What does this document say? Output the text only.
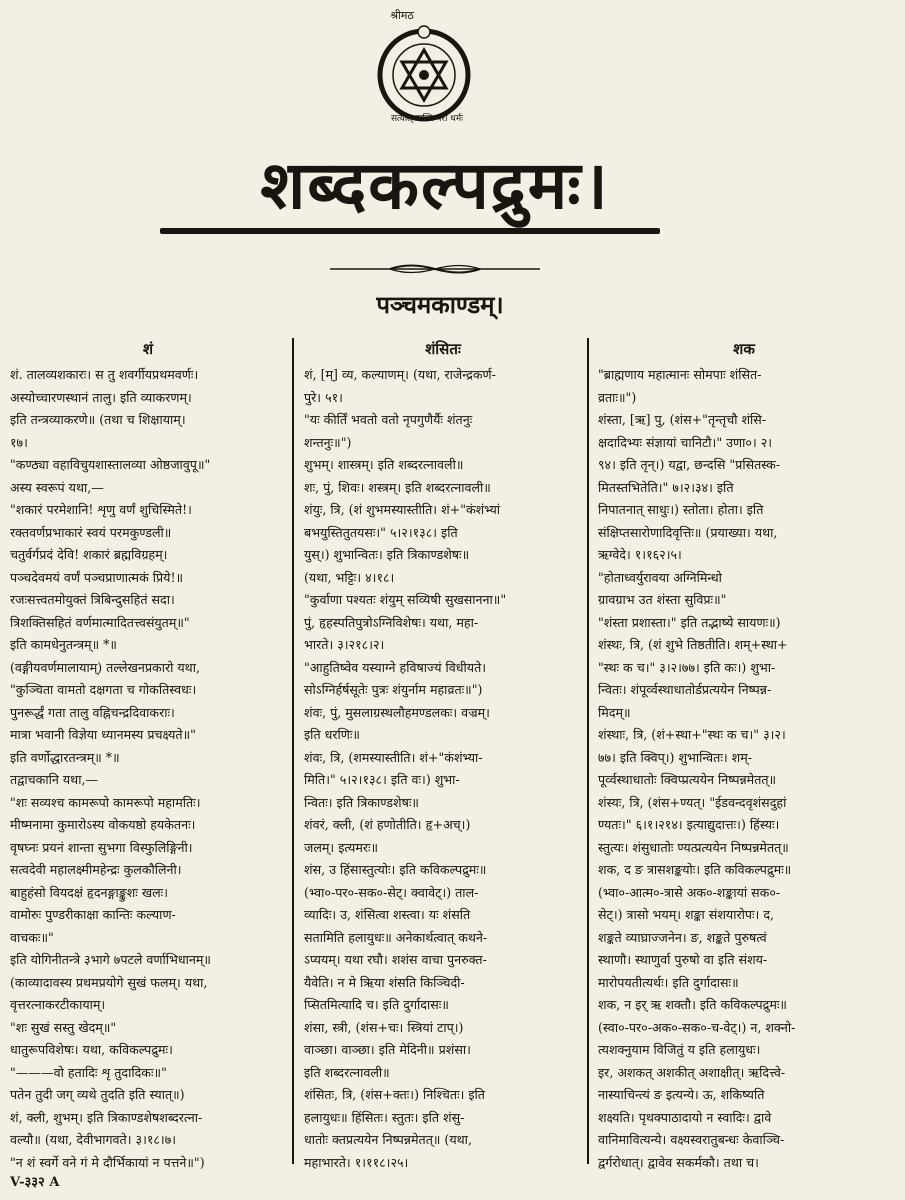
श्रीमठ
सत्यात् नास्ति परो धर्मः
शब्दकल्पद्रुमः।
पञ्चमकाण्डम्।
शं
शं. तालव्यशकारः। स तु शवर्गीयप्रथमवर्णः।
अस्योच्चारणस्थानं तालु। इति व्याकरणम्।
इति तन्त्रव्याकरणे॥ (तथा च शिक्षायाम्।
१७।
"कण्ठ्या वहाविचुयशास्तालव्या ओष्ठजावुपू॥"
अस्य स्वरूपं यथा,—
"शकारं परमेशानि! शृणु वर्णं शुचिस्मिते!।
रक्तवर्णप्रभाकारं स्वयं परमकुण्डली॥
चतुर्वर्गप्रदं देवि! शकारं ब्रह्मविग्रहम्।
पञ्चदेवमयं वर्णं पञ्चप्राणात्मकं प्रिये!॥
रजःसत्त्वतमोयुक्तं त्रिबिन्दुसहितं सदा।
त्रिशक्तिसहितं वर्णमात्मादितत्त्वसंयुतम्॥"
इति कामधेनुतन्त्रम्॥ *॥
(वङ्गीयवर्णमालायाम्) तल्लेखनप्रकारो यथा,
"कुञ्चिता वामतो दक्षगता च गोकतिस्वधः।
पुनरूर्द्धं गता तालु वह्निचन्द्रदिवाकराः।
मात्रा भवानी विज्ञेया ध्यानमस्य प्रचक्ष्यते॥"
इति वर्णोद्धारतन्त्रम्॥ *॥
तद्वाचकानि यथा,—
"शः सव्यश्च कामरूपो कामरूपो महामतिः।
मीष्मनामा कुमारोऽस्य वोकयष्ठो हयकेतनः।
वृषघ्नः प्रयनं शान्ता सुभगा विस्फुलिङ्गिनी।
सत्वदेवी महालक्ष्मीमहेन्द्रः कुलकौलिनी।
बाहुहंसो वियदक्षं हृदनङ्गाङ्कुशः खलः।
वामोरुः पुण्डरीकाक्षा कान्तिः कल्याण-
वाचकः॥"
इति योगिनीतन्त्रे ३भागे ७पटले वर्णाभिधानम्॥
(काव्यादावस्य प्रथमप्रयोगे सुखं फलम्। यथा,
वृत्तरत्नाकरटीकायाम्।
"शः सुखं सस्तु खेदम्॥"
धातुरूपविशेषः। यथा, कविकल्पद्रुमः।
"———वो हतादिः शृ तुदादिकः॥"
पतेन तुदी जग् व्यथे तुदति इति स्यात्॥)
शं, क्ली, शुभम्। इति त्रिकाण्डशेषशब्दरत्ना-
वल्यौ॥ (यथा, देवीभागवते। ३।१८।७।
"न शं स्वर्गे वने गं मे दौर्भिकायां न पत्तने॥")
शंसितः
शं, [म्] व्य, कल्याणम्। (यथा, राजेन्द्रकर्ण-
पुरे। ५१।
"यः कीर्तिं भवतो वतो नृपगुणैर्यैः शंतनुः
शन्तनुः॥")
शुभम्। शास्त्रम्। इति शब्दरत्नावली॥
शः, पुं, शिवः। शस्त्रम्। इति शब्दरत्नावली॥
शंयुः, त्रि, (शं शुभमस्यास्तीति। शं+"कंशंभ्यां
बभयुस्तितुतयसः।" ५।२।१३८। इति
युस्।) शुभान्वितः। इति त्रिकाण्डशेषः॥
(यथा, भट्टिः। ४।१८।
"कुर्वाणा पश्यतः शंयुम् सव्यिषी सुखसानना॥"
पुं, हृहस्पतिपुत्रोऽग्निविशेषः। यथा, महा-
भारते। ३।२१८।२।
"आहुतिष्वेव यस्याग्ने हविषाज्यं विधीयते।
सोऽग्निर्हर्षसूतेः पुत्रः शंयुर्नाम महाव्रतः॥")
शंवः, पुं, मुसलाग्रस्थलौहमण्डलकः। वज्रम्।
इति धरणिः॥
शंवः, त्रि, (शमस्यास्तीति। शं+"कंशंभ्या-
मिति।" ५।२।१३८। इति वः।) शुभा-
न्वितः। इति त्रिकाण्डशेषः॥
शंवरं, क्ली, (शं हणोतीति। हृ+अच्।)
जलम्। इत्यमरः॥
शंस, उ हिंसास्तुत्योः। इति कविकल्पद्रुमः॥
(भ्वा०-पर०-सक०-सेट्। क्वावेट्।) ताल-
व्यादिः। उ, शंसित्वा शस्त्वा। यः शंसति
सतामिति हलायुधः॥ अनेकार्थत्वात् कथने-
ऽप्ययम्। यथा रघौ। शशंस वाचा पुनरुक्त-
यैवेति। न मे ऋिया शंसति किञ्चिदी-
प्सितमित्यादि च। इति दुर्गादासः॥
शंसा, स्त्री, (शंस+चः। स्त्रियां टाप्।)
वाञ्छा। वाञ्छा। इति मेदिनी॥ प्रशंसा।
इति शब्दरत्नावली॥
शंसितः, त्रि, (शंस+क्तः।) निश्चितः। इति
हलायुधः॥ हिंसितः। स्तुतः। इति शंसु-
धातोः क्तप्रत्ययेन निष्पन्नमेतत्॥ (यथा,
महाभारते। १।११८।२५।
शक
"ब्राह्मणाय महात्मानः सोमपाः शंसित-
व्रताः॥")
शंस्ता, [ऋ] पु, (शंस+"तृन्तृचौ शंसि-
क्षदादिभ्यः संज्ञायां चानिटौ।" उणा०। २।
९४। इति तृन्।) यद्वा, छन्दसि "प्रसितस्क-
मितस्तभितेति।" ७।२।३४। इति
निपातनात् साधुः।) स्तोता। होता। इति
संक्षिप्तसारोणादिवृत्तिः॥ (प्रयाख्या। यथा,
ऋग्वेदे। १।१६२।५।
"होताध्वर्युरावया अग्निमिन्धो
ग्रावग्राभ उत शंस्ता सुविप्रः॥"
"शंस्ता प्रशास्ता।" इति तद्भाष्ये सायणः॥)
शंस्थः, त्रि, (शं शुभे तिष्ठतीति। शम्+स्था+
"स्थः क च।" ३।२।७७। इति कः।) शुभा-
न्वितः। शंपूर्व्वस्थाधातोर्डप्रत्ययेन निष्पन्न-
मिदम्॥
शंस्थाः, त्रि, (शं+स्था+"स्थः क च।" ३।२।
७७। इति क्विप्।) शुभान्वितः। शम्-
पूर्व्वस्थाधातोः क्विप्प्रत्ययेन निष्पन्नमेतत्॥
शंस्यः, त्रि, (शंस+ण्यत्। "ईडवन्दवृशंसदुहां
ण्यतः।" ६।१।२१४। इत्याद्युदात्तः।) हिंस्यः।
स्तुत्यः। शंसुधातोः ण्यत्प्रत्ययेन निष्पन्नमेतत्॥
शक, द ङ त्रासशङ्कयोः। इति कविकल्पद्रुमः॥
(भ्वा०-आत्म०-त्रासे अक०-शङ्कायां सक०-
सेट्।) त्रासो भयम्। शङ्का संशयारोपः। द,
शङ्कते व्याघ्राज्जनेन। ङ, शङ्कते पुरुषत्वं
स्थाणौ। स्थाणुर्वा पुरुषो वा इति संशय-
मारोपयतीत्यर्थः। इति दुर्गादासः॥
शक, न इर् ऋ शक्तौ। इति कविकल्पद्रुमः॥
(स्वा०-पर०-अक०-सक०-च-वेट्।) न, शक्नो-
त्यशक्नुयाम विजितुं य इति हलायुधः।
इर, अशकत् अशकीत् अशाक्षीत्। ऋदित्त्वे-
नास्याचिन्त्यं ङ इत्यन्ये। ऊ, शकिष्यति
शक्ष्यति। पृथक्पाठादायो न स्वादिः। द्वावे
वानिमावित्यन्ये। वक्ष्यस्वरातुबन्धः केवाञ्चि-
द्वर्गरोधात्। द्वावेव सकर्मकौ। तथा च।
V-३३२ A
